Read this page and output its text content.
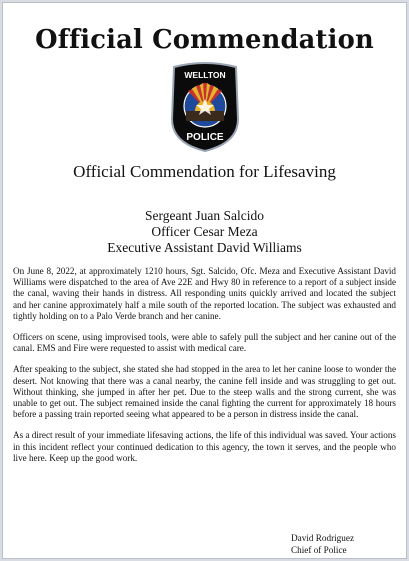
Official Commendation
WELLTON
POLICE
Official Commendation for Lifesaving
Sergeant Juan Salcido
Officer Cesar Meza
Executive Assistant David Williams

On June 8, 2022, at approximately 1210 hours, Sgt. Salcido, Ofc. Meza and Executive Assistant David Williams were dispatched to the area of Ave 22E and Hwy 80 in reference to a report of a subject inside the canal, waving their hands in distress. All responding units quickly arrived and located the subject and her canine approximately half a mile south of the reported location. The subject was exhausted and tightly holding on to a Palo Verde branch and her canine.

Officers on scene, using improvised tools, were able to safely pull the subject and her canine out of the canal. EMS and Fire were requested to assist with medical care.

After speaking to the subject, she stated she had stopped in the area to let her canine loose to wonder the desert. Not knowing that there was a canal nearby, the canine fell inside and was struggling to get out. Without thinking, she jumped in after her pet. Due to the steep walls and the strong current, she was unable to get out. The subject remained inside the canal fighting the current for approximately 18 hours before a passing train reported seeing what appeared to be a person in distress inside the canal.

As a direct result of your immediate lifesaving actions, the life of this individual was saved. Your actions in this incident reflect your continued dedication to this agency, the town it serves, and the people who live here. Keep up the good work.

David Rodriguez
Chief of Police
